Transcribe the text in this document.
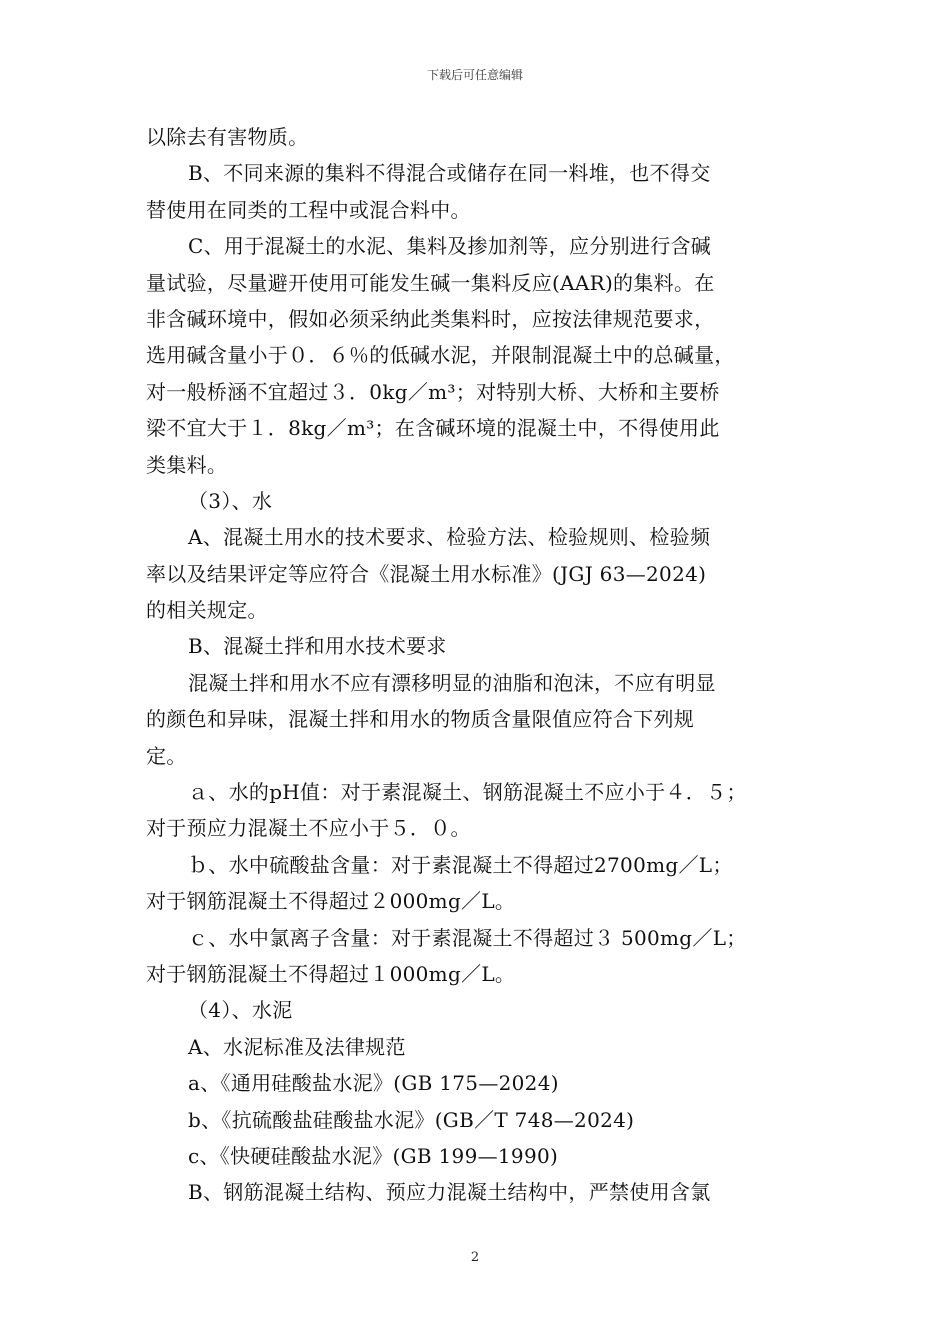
下载后可任意编辑
以除去有害物质。
B、不同来源的集料不得混合或储存在同一料堆，也不得交
替使用在同类的工程中或混合料中。
C、用于混凝土的水泥、集料及掺加剂等，应分别进行含碱
量试验，尽量避开使用可能发生碱一集料反应(AAR)的集料。在
非含碱环境中，假如必须采纳此类集料时，应按法律规范要求，
选用碱含量小于０．６％的低碱水泥，并限制混凝土中的总碱量，
对一般桥涵不宜超过３．0kg／m³；对特别大桥、大桥和主要桥
梁不宜大于１．8kg／m³；在含碱环境的混凝土中，不得使用此
类集料。
（3）、水
A、混凝土用水的技术要求、检验方法、检验规则、检验频
率以及结果评定等应符合《混凝土用水标准》(JGJ 63—2024)
的相关规定。
B、混凝土拌和用水技术要求
混凝土拌和用水不应有漂移明显的油脂和泡沫，不应有明显
的颜色和异味，混凝土拌和用水的物质含量限值应符合下列规
定。
ａ、水的pH值：对于素混凝土、钢筋混凝土不应小于４．５；
对于预应力混凝土不应小于５．０。
ｂ、水中硫酸盐含量：对于素混凝土不得超过2700mg／L；
对于钢筋混凝土不得超过２000mg／L。
ｃ、水中氯离子含量：对于素混凝土不得超过３ 500mg／L；
对于钢筋混凝土不得超过１000mg／L。
（4）、水泥
A、水泥标准及法律规范
a、《通用硅酸盐水泥》(GB 175—2024)
b、《抗硫酸盐硅酸盐水泥》(GB／T 748—2024)
c、《快硬硅酸盐水泥》(GB 199—1990)
B、钢筋混凝土结构、预应力混凝土结构中，严禁使用含氯
2
